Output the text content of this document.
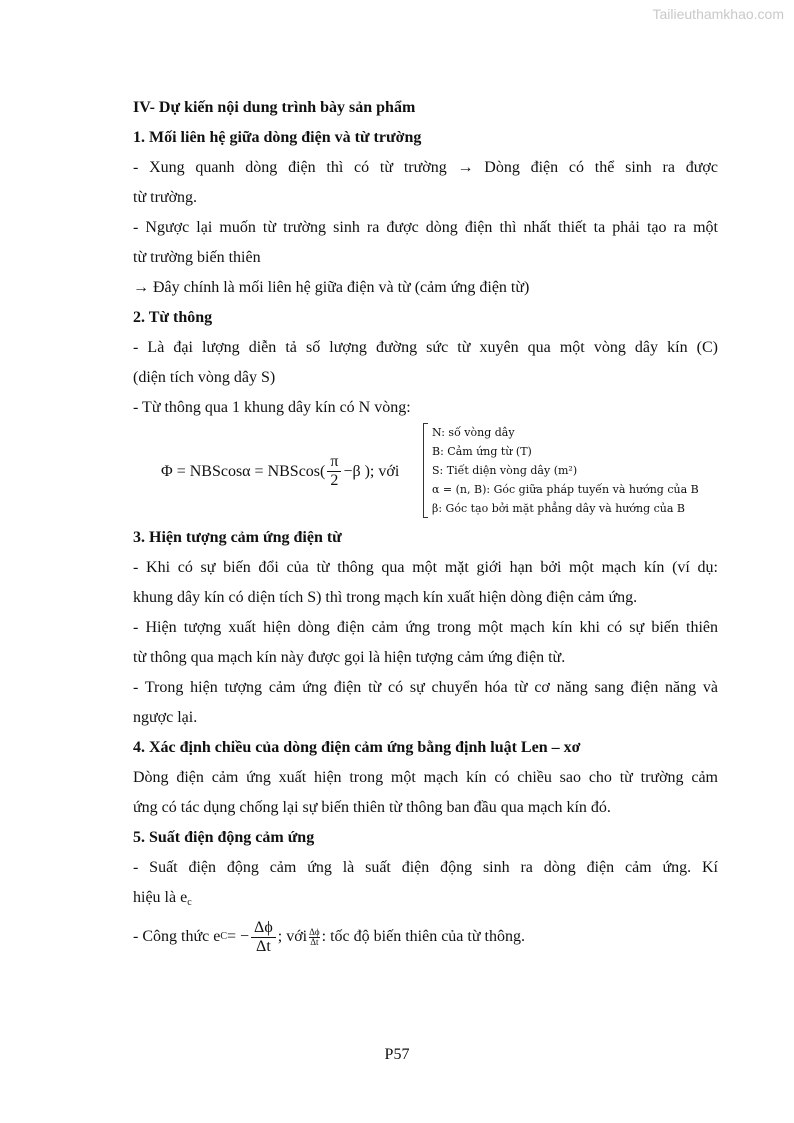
Tailieuthamkhao.com
IV- Dự kiến nội dung trình bày sản phẩm
1. Mối liên hệ giữa dòng điện và từ trường
- Xung quanh dòng điện thì có từ trường → Dòng điện có thể sinh ra được
từ trường.
- Ngược lại muốn từ trường sinh ra được dòng điện thì nhất thiết ta phải tạo ra một
từ trường biến thiên
→ Đây chính là mối liên hệ giữa điện và từ (cảm ứng điện từ)
2. Từ thông
- Là đại lượng diễn tả số lượng đường sức từ xuyên qua một vòng dây kín (C)
(diện tích vòng dây S)
- Từ thông qua 1 khung dây kín có N vòng:
$\Phi = NBScos\alpha = NBScos( \frac{\pi}{2} -\beta$ ); với
N: số vòng dây
B: Cảm ứng từ (T)
S: Tiết diện vòng dây (m²)
α = (n, B): Góc giữa pháp tuyến và hướng của B
β: Góc tạo bởi mặt phẳng dây và hướng của B
3. Hiện tượng cảm ứng điện từ
- Khi có sự biến đổi của từ thông qua một mặt giới hạn bởi một mạch kín (ví dụ:
khung dây kín có diện tích S) thì trong mạch kín xuất hiện dòng điện cảm ứng.
- Hiện tượng xuất hiện dòng điện cảm ứng trong một mạch kín khi có sự biến thiên
từ thông qua mạch kín này được gọi là hiện tượng cảm ứng điện từ.
- Trong hiện tượng cảm ứng điện từ có sự chuyển hóa từ cơ năng sang điện năng và
ngược lại.
4. Xác định chiều của dòng điện cảm ứng bằng định luật Len – xơ
Dòng điện cảm ứng xuất hiện trong một mạch kín có chiều sao cho từ trường cảm
ứng có tác dụng chống lại sự biến thiên từ thông ban đầu qua mạch kín đó.
5. Suất điện động cảm ứng
- Suất điện động cảm ứng là suất điện động sinh ra dòng điện cảm ứng. Kí
hiệu là $e_c$
- Công thức e C = − $\frac{\Delta\phi}{\Delta t}$ ; với $\frac{\Delta\phi}{\Delta t}$ : tốc độ biến thiên của từ thông.
P57
